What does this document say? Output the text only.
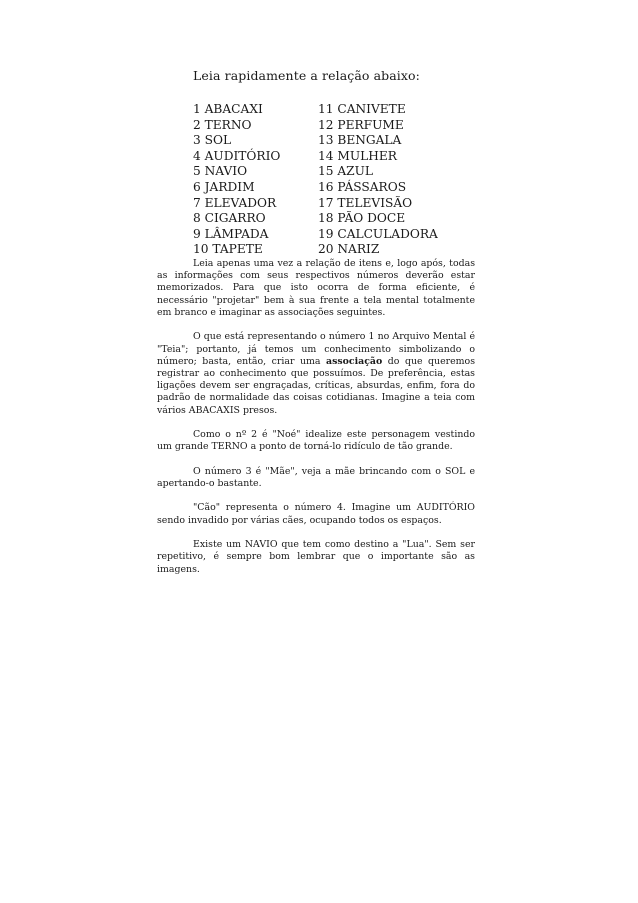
Leia rapidamente a relação abaixo:
1 ABACAXI
2 TERNO
3 SOL
4 AUDITÓRIO
5 NAVIO
6 JARDIM
7 ELEVADOR
8 CIGARRO
9 LÂMPADA
10 TAPETE
11 CANIVETE
12 PERFUME
13 BENGALA
14 MULHER
15 AZUL
16 PÁSSAROS
17 TELEVISÃO
18 PÃO DOCE
19 CALCULADORA
20 NARIZ

Leia apenas uma vez a relação de itens e, logo após, todas as informações com seus respectivos números deverão estar memorizados. Para que isto ocorra de forma eficiente, é necessário "projetar" bem à sua frente a tela mental totalmente em branco e imaginar as associações seguintes.

O que está representando o número 1 no Arquivo Mental é "Teia"; portanto, já temos um conhecimento simbolizando o número; basta, então, criar uma associação do que queremos registrar ao conhecimento que possuímos. De preferência, estas ligações devem ser engraçadas, críticas, absurdas, enfim, fora do padrão de normalidade das coisas cotidianas. Imagine a teia com vários ABACAXIS presos.

Como o nº 2 é "Noé" idealize este personagem vestindo um grande TERNO a ponto de torná-lo ridículo de tão grande.

O número 3 é "Mãe", veja a mãe brincando com o SOL e apertando-o bastante.

"Cão" representa o número 4. Imagine um AUDITÓRIO sendo invadido por várias cães, ocupando todos os espaços.

Existe um NAVIO que tem como destino a "Lua". Sem ser repetitivo, é sempre bom lembrar que o importante são as imagens.
